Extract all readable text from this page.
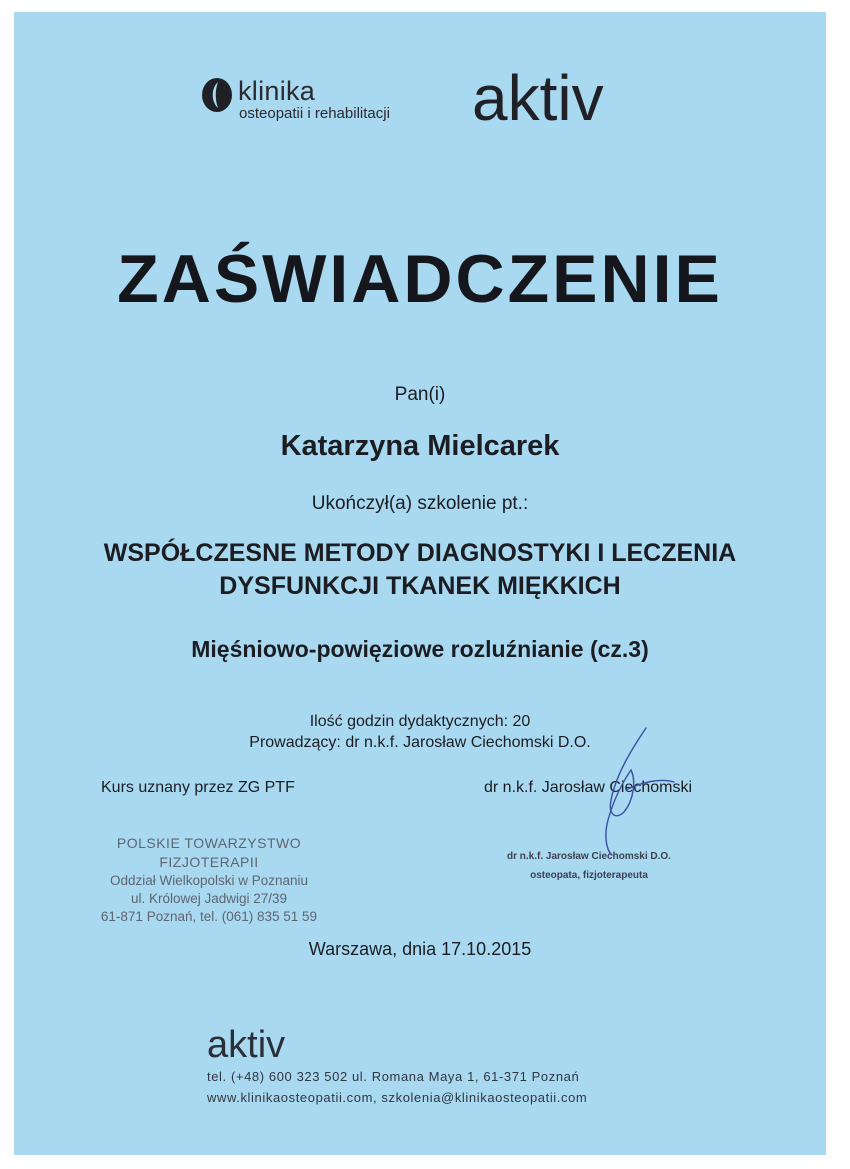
klinika
osteopatii i rehabilitacji aktiv
ZAŚWIADCZENIE
Pan(i)
Katarzyna Mielcarek
Ukończył(a) szkolenie pt.:
WSPÓŁCZESNE METODY DIAGNOSTYKI I LECZENIA
DYSFUNKCJI TKANEK MIĘKKICH
Mięśniowo-powięziowe rozluźnianie (cz.3)
Ilość godzin dydaktycznych: 20
Prowadzący: dr n.k.f. Jarosław Ciechomski D.O.
Kurs uznany przez ZG PTF	dr n.k.f. Jarosław Ciechomski
POLSKIE TOWARZYSTWO FIZJOTERAPII
Oddział Wielkopolski w Poznaniu
ul. Królowej Jadwigi 27/39
61-871 Poznań, tel. (061) 835 51 59
dr n.k.f. Jarosław Ciechomski D.O.
osteopata, fizjoterapeuta
Warszawa, dnia 17.10.2015
aktiv
tel. (+48) 600 323 502 ul. Romana Maya 1, 61-371 Poznań
www.klinikaosteopatii.com, szkolenia@klinikaosteopatii.com
